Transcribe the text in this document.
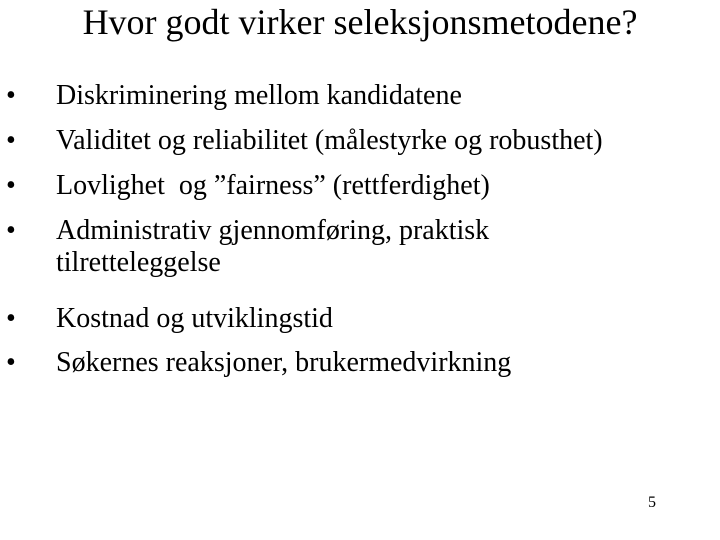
Hvor godt virker seleksjonsmetodene?
• Diskriminering mellom kandidatene
• Validitet og reliabilitet (målestyrke og robusthet)
• Lovlighet  og ”fairness” (rettferdighet)
• Administrativ gjennomføring, praktisk
tilretteleggelse
• Kostnad og utviklingstid
• Søkernes reaksjoner, brukermedvirkning
5
